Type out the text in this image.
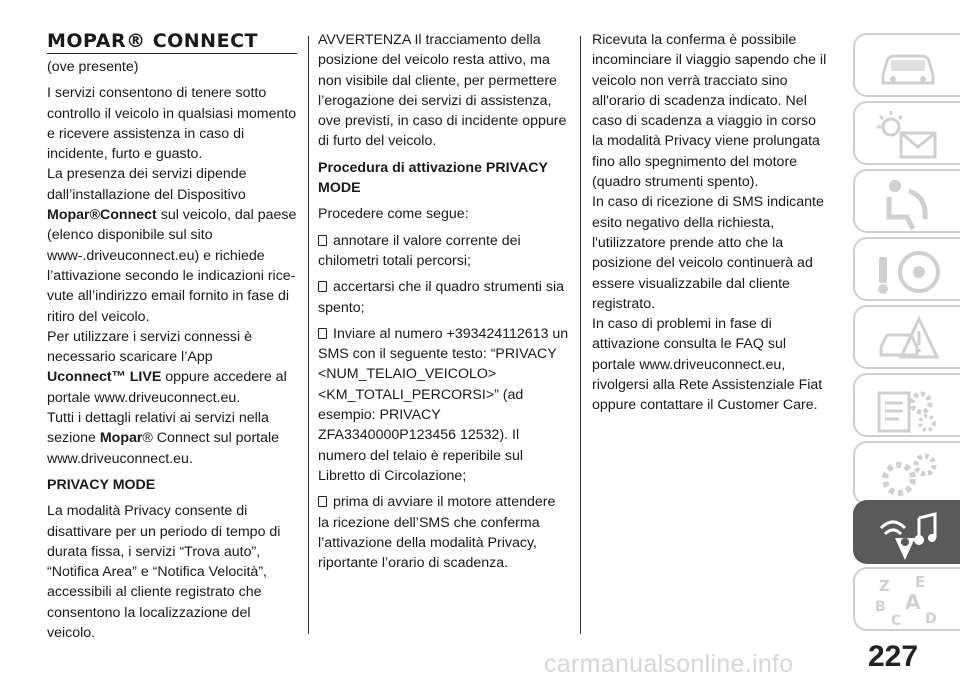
MOPAR® CONNECT

(ove presente)

I servizi consentono di tenere sotto controllo il veicolo in qualsiasi momento e ricevere assistenza in caso di incidente, furto e guasto.

La presenza dei servizi dipende dall’installazione del Dispositivo

Mopar®Connect sul veicolo, dal paese (elenco disponibile sul sito www-.driveuconnect.eu) e richiede l’attivazione secondo le indicazioni rice-vute all’indirizzo email fornito in fase di ritiro del veicolo.

Per utilizzare i servizi connessi è necessario scaricare l’App

Uconnect™ LIVE oppure accedere al portale www.driveuconnect.eu.

Tutti i dettagli relativi ai servizi nella sezione Mopar® Connect sul portale www.driveuconnect.eu.

PRIVACY MODE

La modalità Privacy consente di disattivare per un periodo di tempo di durata fissa, i servizi “Trova auto”, “Notifica Area” e “Notifica Velocità”, accessibili al cliente registrato che consentono la localizzazione del veicolo.

AVVERTENZA Il tracciamento della posizione del veicolo resta attivo, ma non visibile dal cliente, per permettere l’erogazione dei servizi di assistenza, ove previsti, in caso di incidente oppure di furto del veicolo.

Procedura di attivazione PRIVACY MODE

Procedere come segue:

annotare il valore corrente dei chilometri totali percorsi;

accertarsi che il quadro strumenti sia spento;

Inviare al numero +393424112613 un SMS con il seguente testo: “PRIVACY <NUM_TELAIO_VEICOLO> <KM_TOTALI_PERCORSI>” (ad esempio: PRIVACY ZFA3340000P123456 12532). Il numero del telaio è reperibile sul Libretto di Circolazione;

prima di avviare il motore attendere la ricezione dell’SMS che conferma l’attivazione della modalità Privacy, riportante l’orario di scadenza.

Ricevuta la conferma è possibile incominciare il viaggio sapendo che il veicolo non verrà tracciato sino all'orario di scadenza indicato. Nel caso di scadenza a viaggio in corso la modalità Privacy viene prolungata fino allo spegnimento del motore (quadro strumenti spento).

In caso di ricezione di SMS indicante esito negativo della richiesta, l'utilizzatore prende atto che la posizione del veicolo continuerà ad essere visualizzabile dal cliente registrato.

In caso di problemi in fase di attivazione consulta le FAQ sul portale www.driveuconnect.eu, rivolgersi alla Rete Assistenziale Fiat oppure contattare il Customer Care.

Z E
A
B
C D
227
carmanualsonline.info
